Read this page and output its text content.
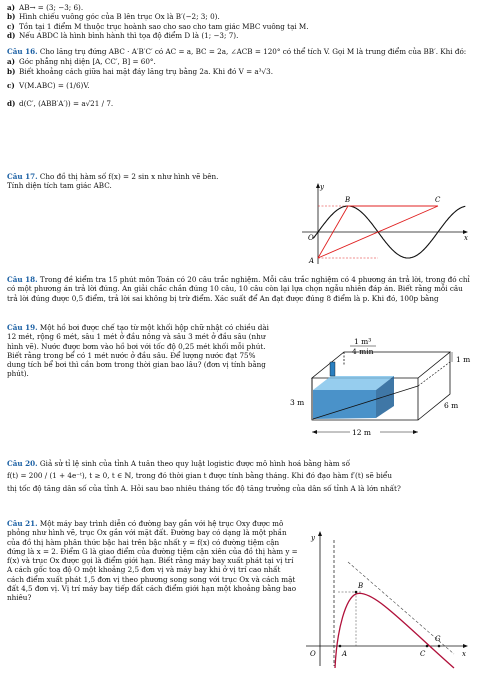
a) AB→ = (3; −3; 6).
b) Hình chiếu vuông góc của B lên trục Ox là B′(−2; 3; 0).
c) Tồn tại 1 điểm M thuộc trục hoành sao cho sao cho tam giác MBC vuông tại M.
d) Nếu ABDC là hình bình hành thì tọa độ điểm D là (1; −3; 7).
Câu 16. Cho lăng trụ đứng ABC · A′B′C′ có AC = a, BC = 2a, ∠ACB = 120° có thể tích V. Gọi M là trung điểm của BB′. Khi đó:
a) Góc phẳng nhị diện [A, CC′, B] = 60°.
b) Biết khoảng cách giữa hai mặt đáy lăng trụ bằng 2a. Khi đó V = a³√3.
c) V(M.ABC) = (1/6)V.
d) d(C′, (ABB′A′)) = a√21 / 7.
Câu 17. Cho đồ thị hàm số f(x) = 2 sin x như hình vẽ bên.
Tính diện tích tam giác ABC.	y
x
O
A
B	C
Câu 18. Trong đề kiểm tra 15 phút môn Toán có 20 câu trắc nghiệm. Mỗi câu trắc nghiệm có 4 phương án trả lời, trong đó chỉ có một phương án trả lời đúng. An giải chắc chắn đúng 10 câu, 10 câu còn lại lựa chọn ngẫu nhiên đáp án. Biết rằng mỗi câu trả lời đúng được 0,5 điểm, trả lời sai không bị trừ điểm. Xác suất để An đạt được đúng 8 điểm là p. Khi đó, 100p bằng
Câu 19. Một hồ bơi được chế tạo từ một khối hộp chữ nhật có chiều dài 12 mét, rộng 6 mét, sâu 1 mét ở đầu nông và sâu 3 mét ở đầu sâu (như hình vẽ). Nước được bơm vào hồ bơi với tốc độ 0,25 mét khối mỗi phút. Biết rằng trong bể có 1 mét nước ở đầu sâu. Để lượng nước đạt 75% dung tích bể bơi thì cần bơm trong thời gian bao lâu? (đơn vị tính bằng phút).
1 m³
4 min
1 m
6 m
3 m
12 m
Câu 20. Giả sử tỉ lệ sinh của tỉnh A tuân theo quy luật logistic được mô hình hoá bằng hàm số
f(t) = 200 / (1 + 4e⁻ᵗ), t ≥ 0, t ∈ ℕ, trong đó thời gian t được tính bằng tháng. Khi đó đạo hàm f′(t) sẽ biểu
thị tốc độ tăng dân số của tỉnh A. Hỏi sau bao nhiêu tháng tốc độ tăng trưởng của dân số tỉnh A là lớn nhất?
Câu 21. Một máy bay trình diễn có đường bay gắn với hệ trục Oxy được mô phỏng như hình vẽ, trục Ox gắn với mặt đất. Đường bay có dạng là một phần của đồ thị hàm phân thức bậc hai trên bậc nhất y = f(x) có đường tiệm cận đứng là x = 2. Điểm G là giao điểm của đường tiệm cận xiên của đồ thị hàm y = f(x) và trục Ox được gọi là điểm giới hạn. Biết rằng máy bay xuất phát tại vị trí A cách gốc toạ độ O một khoảng 2,5 đơn vị và máy bay khi ở vị trí cao nhất cách điểm xuất phát 1,5 đơn vị theo phương song song với trục Ox và cách mặt đất 4,5 đơn vị. Vị trí máy bay tiếp đất cách điểm giới hạn một khoảng bằng bao nhiêu?
y
x
O	A
B
C
G
